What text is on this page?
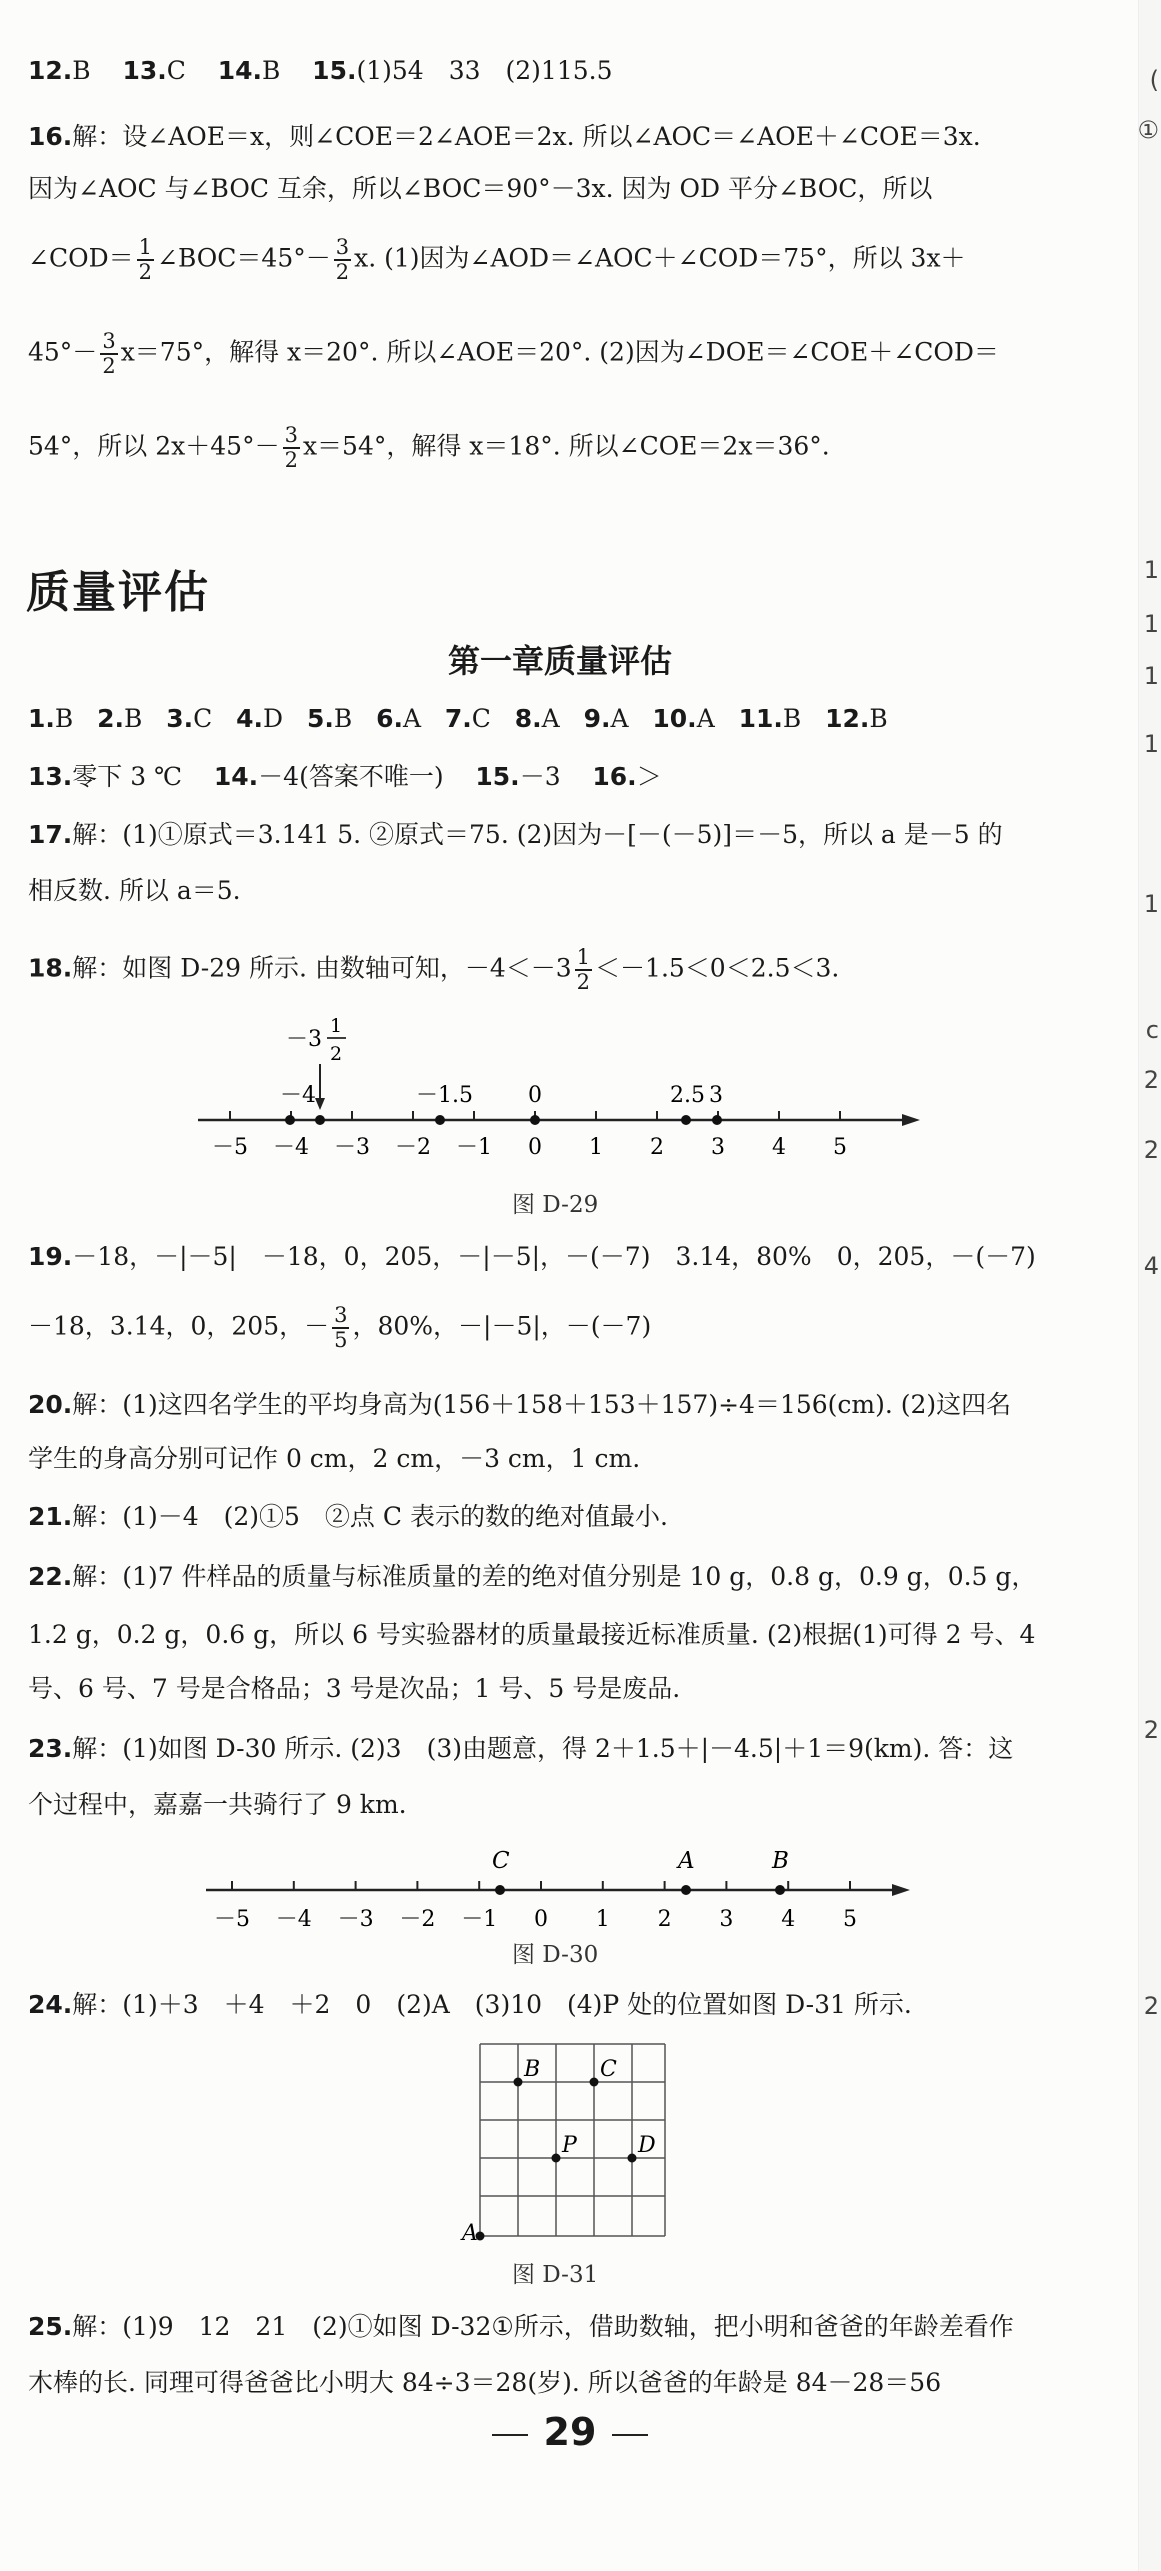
12.B 13.C 14.B 15.(1)54　33　(2)115.5
16.解：设∠AOE＝x，则∠COE＝2∠AOE＝2x. 所以∠AOC＝∠AOE＋∠COE＝3x.
因为∠AOC 与∠BOC 互余，所以∠BOC＝90°－3x. 因为 OD 平分∠BOC，所以
∠COD＝ $\frac{1}{2}$ ∠BOC＝45°－ $\frac{3}{2} x$. (1)因为∠AOD＝∠AOC＋∠COD＝75°，所以 3x＋
$45^\circ- \frac{3}{2} x=75^\circ$，解得 x＝20°. 所以∠AOE＝20°. (2)因为∠DOE＝∠COE＋∠COD＝
54°，所以 $2x+45^\circ- \frac{3}{2} x=54^\circ$，解得 x＝18°. 所以∠COE＝2x＝36°.
质量评估
第一章质量评估
1.B 2.B 3.C 4.D 5.B 6.A 7.C 8.A 9.A 10.A 11.B 12.B
13.零下 3 ℃ 14.－4(答案不唯一) 15.－3 16.＞
17.解：(1)①原式＝3.141 5. ②原式＝75. (2)因为－[－(－5)]＝－5，所以 a 是－5 的
相反数. 所以 a＝5.
18.解：如图 D-29 所示. 由数轴可知，$-4<-3 \frac{1}{2} <-1.5<0<2.5<3$.
－5 －4 －3 －2 －1 0 1 2 3 4 5
－4	－1.5	0	2.5 3
－3
1
2
图 D-29
19.－18，－|－5|　－18，0，205，－|－5|，－(－7)　3.14，80%　0，205，－(－7)
－18，3.14，0，205，－ $\frac{3}{5}$ ，80%，－|－5|，－(－7)
20.解：(1)这四名学生的平均身高为(156＋158＋153＋157)÷4＝156(cm). (2)这四名
学生的身高分别可记作 0 cm，2 cm，－3 cm，1 cm.
21.解：(1)－4　(2)①5　②点 C 表示的数的绝对值最小.
22.解：(1)7 件样品的质量与标准质量的差的绝对值分别是 10 g，0.8 g，0.9 g，0.5 g，
1.2 g，0.2 g，0.6 g，所以 6 号实验器材的质量最接近标准质量. (2)根据(1)可得 2 号、4
号、6 号、7 号是合格品；3 号是次品；1 号、5 号是废品.
23.解：(1)如图 D-30 所示. (2)3　(3)由题意，得 2＋1.5＋|－4.5|＋1＝9(km). 答：这
个过程中，嘉嘉一共骑行了 9 km.
－5 －4 －3 －2 －1 0 1 2 3 4 5
C	A	B
图 D-30
24.解：(1)＋3　＋4　＋2　0　(2)A　(3)10　(4)P 处的位置如图 D-31 所示.
B	C
P	D
A
图 D-31
25.解：(1)9　12　21　(2)①如图 D-32①所示，借助数轴，把小明和爸爸的年龄差看作
木棒的长. 同理可得爸爸比小明大 84÷3＝28(岁). 所以爸爸的年龄是 84－28＝56
29
(
①
1
1
1
1
1
c
2
2
4
2
2
